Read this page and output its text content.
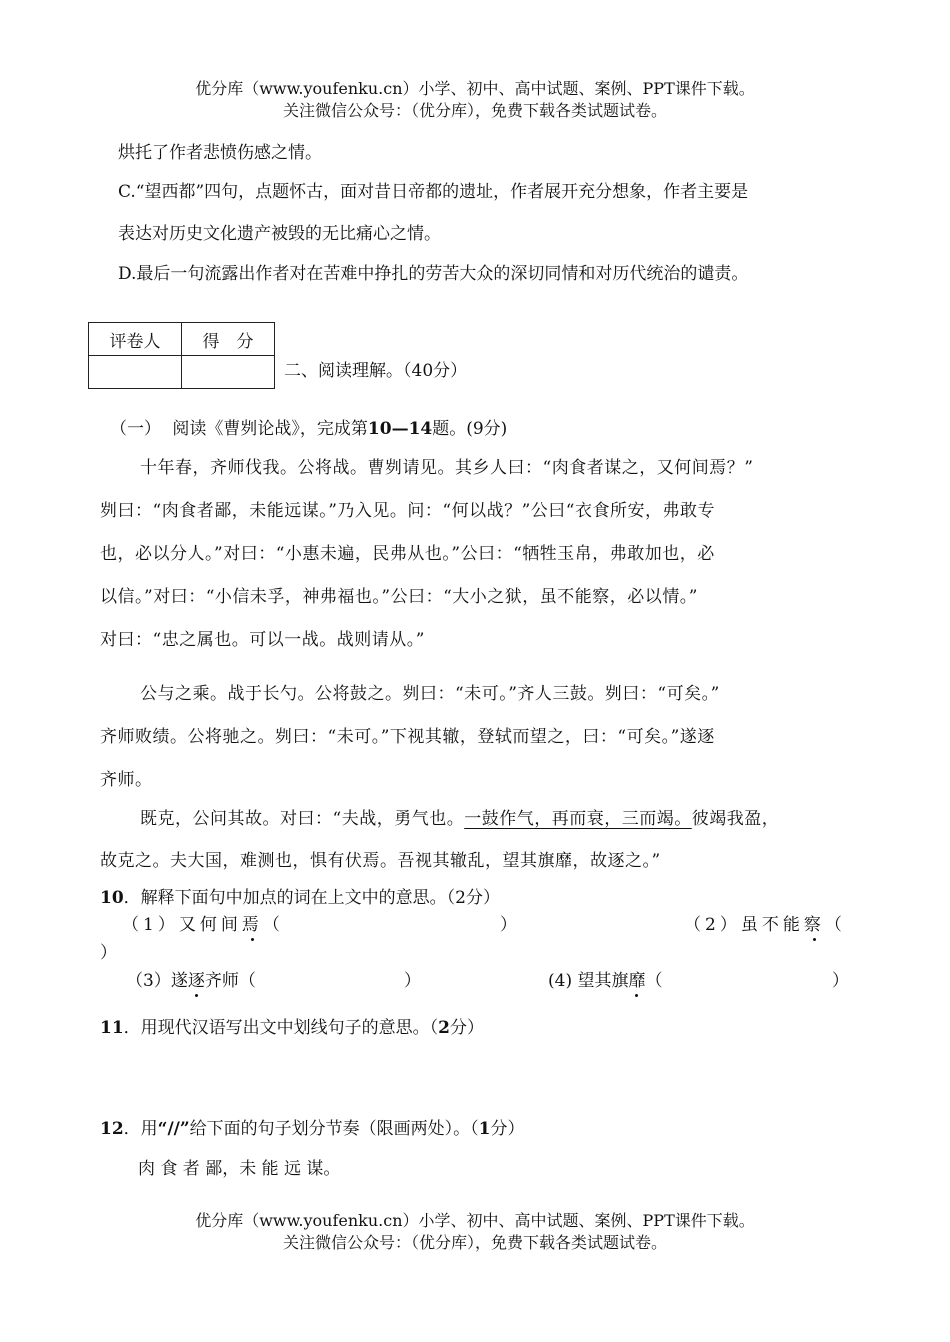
优分库（www.youfenku.cn）小学、初中、高中试题、案例、PPT课件下载。
关注微信公众号：（优分库），免费下载各类试题试卷。
烘托了作者悲愤伤感之情。
C.“望西都”四句，点题怀古，面对昔日帝都的遗址，作者展开充分想象，作者主要是
表达对历史文化遗产被毁的无比痛心之情。
D.最后一句流露出作者对在苦难中挣扎的劳苦大众的深切同情和对历代统治的谴责。
评卷人	得　分

二、阅读理解。（40分）
（一） 阅读《曹刿论战》，完成第10—14题。(9分)
十年春，齐师伐我。公将战。曹刿请见。其乡人曰：“肉食者谋之，又何间焉？”
刿曰：“肉食者鄙，未能远谋。”乃入见。问：“何以战？”公曰“衣食所安，弗敢专
也，必以分人。”对曰：“小惠未遍，民弗从也。”公曰：“牺牲玉帛，弗敢加也，必
以信。”对曰：“小信未孚，神弗福也。”公曰：“大小之狱，虽不能察，必以情。”
对曰：“忠之属也。可以一战。战则请从。”
公与之乘。战于长勺。公将鼓之。刿曰：“未可。”齐人三鼓。刿曰：“可矣。”
齐师败绩。公将驰之。刿曰：“未可。”下视其辙，登轼而望之，曰：“可矣。”遂逐
齐师。
既克，公问其故。对曰：“夫战，勇气也。一鼓作气，再而衰，三而竭。彼竭我盈，
故克之。夫大国，难测也，惧有伏焉。吾视其辙乱，望其旗靡，故逐之。”
10．解释下面句中加点的词在上文中的意思。（2分）
（1）又何间焉（	）	（2）虽不能察（
）
（3）遂逐齐师（	）	(4) 望其旗靡（	）
11．用现代汉语写出文中划线句子的意思。（2分）
12．用“//”给下面的句子划分节奏（限画两处）。（1分）
肉 食 者 鄙，未 能 远 谋。
优分库（www.youfenku.cn）小学、初中、高中试题、案例、PPT课件下载。
关注微信公众号：（优分库），免费下载各类试题试卷。
